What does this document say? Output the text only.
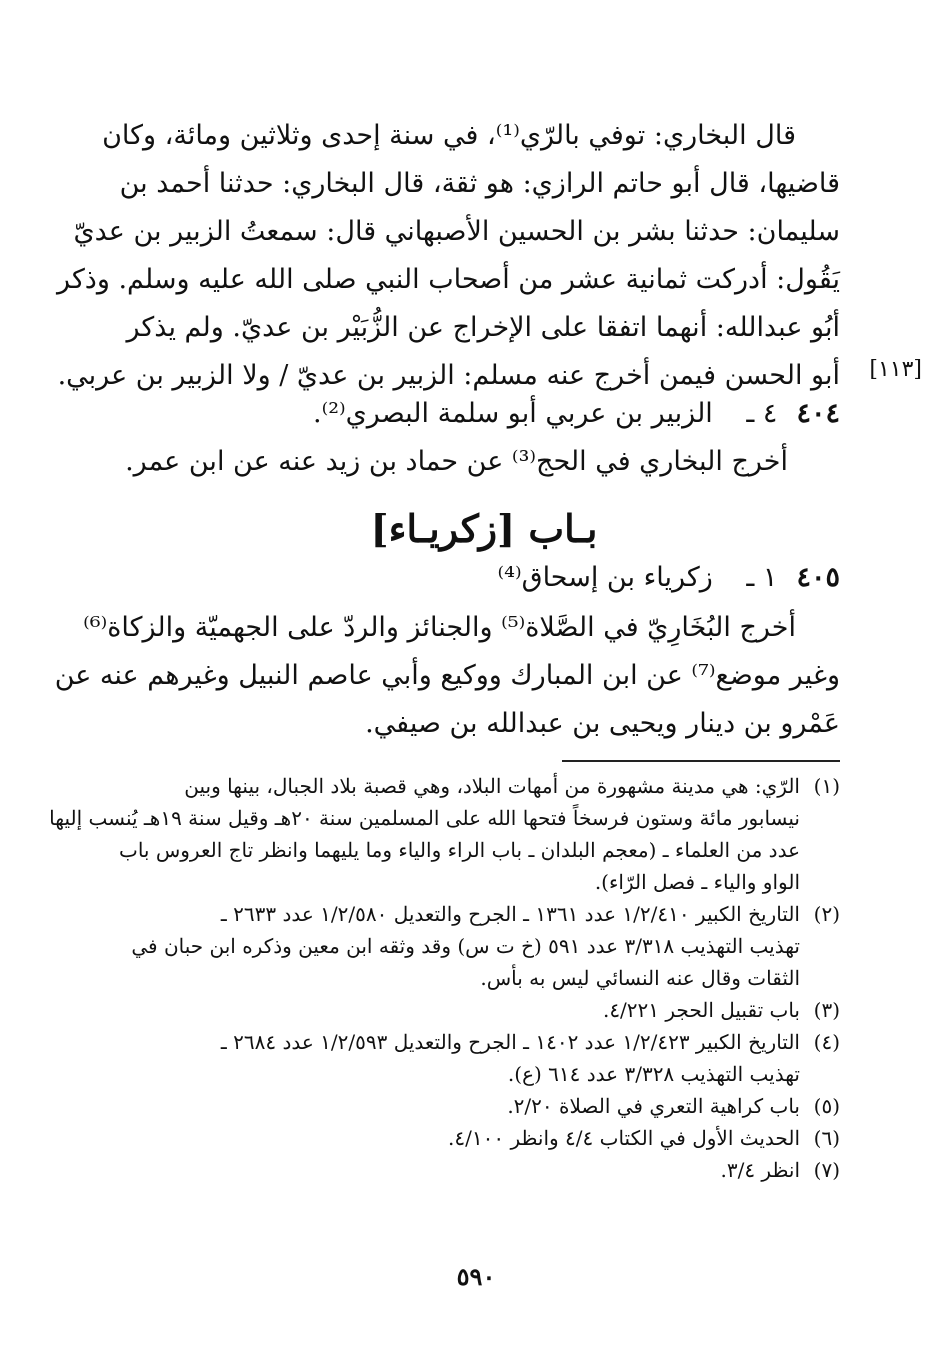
قال البخاري: توفي بالرّي⁽¹⁾، في سنة إحدى وثلاثين ومائة، وكان
قاضيها، قال أبو حاتم الرازي: هو ثقة، قال البخاري: حدثنا أحمد بن
سليمان: حدثنا بشر بن الحسين الأصبهاني قال: سمعتُ الزبير بن عديّ
يَقُول: أدركت ثمانية عشر من أصحاب النبي صلى الله عليه وسلم. وذكر
أبُو عبدالله: أنهما اتفقا على الإخراج عن الزُّبَيْر بن عديّ. ولم يذكر
أبو الحسن فيمن أخرج عنه مسلم: الزبير بن عديّ / ولا الزبير بن عربي. [١١٣]
٤٠٤ ٤ ـ الزبير بن عربي أبو سلمة البصري⁽²⁾.
أخرج البخاري في الحج⁽³⁾ عن حماد بن زيد عنه عن ابن عمر.
بـاب [زكريـاء]
٤٠٥ ١ ـ زكرياء بن إسحاق⁽⁴⁾
أخرج البُخَارِيّ في الصَّلاة⁽⁵⁾ والجنائز والردّ على الجهميّة والزكاة⁽⁶⁾
وغير موضع⁽⁷⁾ عن ابن المبارك ووكيع وأبي عاصم النبيل وغيرهم عنه عن
عَمْرو بن دينار ويحيى بن عبدالله بن صيفي.
(١)
الرّي: هي مدينة مشهورة من أمهات البلاد، وهي قصبة بلاد الجبال، بينها وبين
نيسابور مائة وستون فرسخاً فتحها الله على المسلمين سنة ٢٠هـ وقيل سنة ١٩هـ يُنسب إليها
عدد من العلماء ـ (معجم البلدان ـ باب الراء والياء وما يليهما وانظر تاج العروس باب
الواو والياء ـ فصل الرّاء).
(٢)
التاريخ الكبير ١/٢/٤١٠ عدد ١٣٦١ ـ الجرح والتعديل ١/٢/٥٨٠ عدد ٢٦٣٣ ـ
تهذيب التهذيب ٣/٣١٨ عدد ٥٩١ (خ ت س) وقد وثقه ابن معين وذكره ابن حبان في
الثقات وقال عنه النسائي ليس به بأس.
(٣)
باب تقبيل الحجر ٤/٢٢١.
(٤)
التاريخ الكبير ١/٢/٤٢٣ عدد ١٤٠٢ ـ الجرح والتعديل ١/٢/٥٩٣ عدد ٢٦٨٤ ـ
تهذيب التهذيب ٣/٣٢٨ عدد ٦١٤ (ع).
(٥)
باب كراهية التعري في الصلاة ٢/٢٠.
(٦)
الحديث الأول في الكتاب ٤/٤ وانظر ٤/١٠٠.
(٧)
انظر ٣/٤.
٥٩٠
